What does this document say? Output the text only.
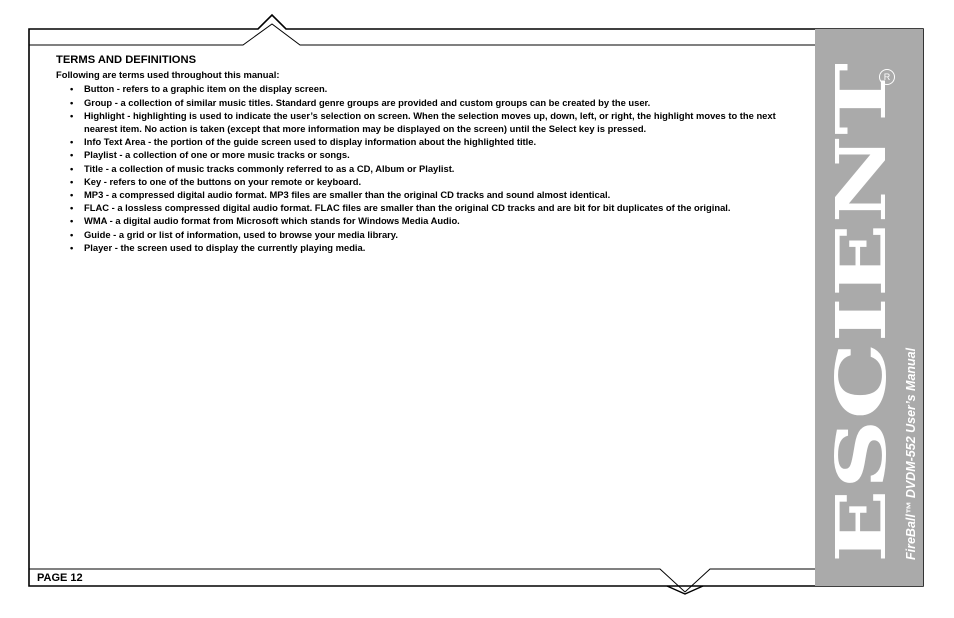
ESCIENT
R
FireBall™ DVDM-552 User’s Manual
TERMS AND DEFINITIONS
Following are terms used throughout this manual:
• Button - refers to a graphic item on the display screen.
• Group - a collection of similar music titles. Standard genre groups are provided and custom groups can be created by the user.
• Highlight - highlighting is used to indicate the user’s selection on screen. When the selection moves up, down, left, or right, the highlight moves to the next nearest item. No action is taken (except that more information may be displayed on the screen) until the Select key is pressed.
• Info Text Area - the portion of the guide screen used to display information about the highlighted title.
• Playlist - a collection of one or more music tracks or songs.
• Title - a collection of music tracks commonly referred to as a CD, Album or Playlist.
• Key - refers to one of the buttons on your remote or keyboard.
• MP3 - a compressed digital audio format. MP3 files are smaller than the original CD tracks and sound almost identical.
• FLAC - a lossless compressed digital audio format. FLAC files are smaller than the original CD tracks and are bit for bit duplicates of the original.
• WMA - a digital audio format from Microsoft which stands for Windows Media Audio.
• Guide - a grid or list of information, used to browse your media library.
• Player - the screen used to display the currently playing media.
PAGE 12
